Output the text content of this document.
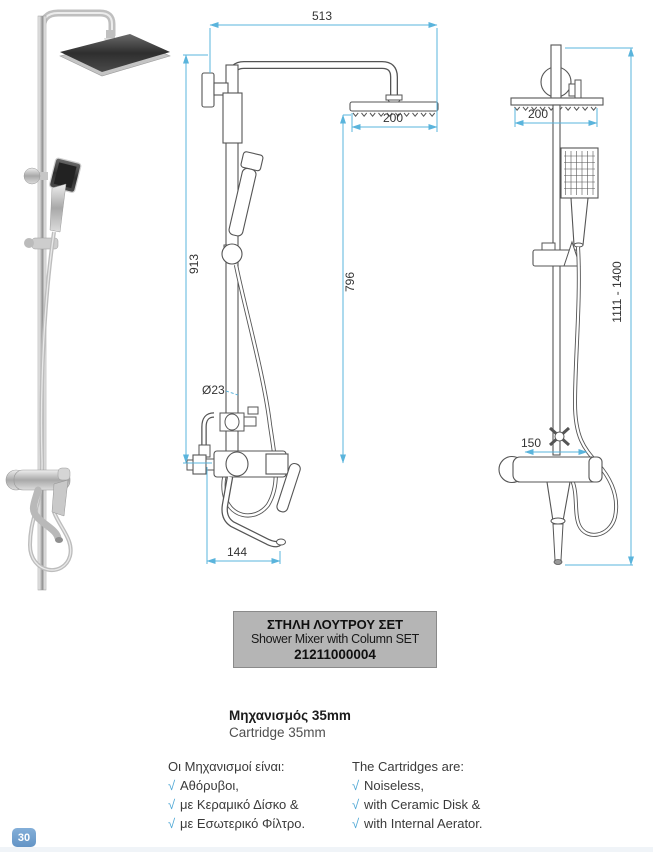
513
200
913
796
Ø23
144
200
150
1111 - 1400
ΣΤΗΛΗ ΛΟΥΤΡΟΥ ΣΕΤ
Shower Mixer with Column SET
21211000004
Μηχανισμός 35mm
Cartridge 35mm
Οι Μηχανισμοί είναι:
√ Αθόρυβοι,
√ με Κεραμικό Δίσκο &
√ με Εσωτερικό Φίλτρο.
The Cartridges are:
√ Noiseless,
√ with Ceramic Disk &
√ with Internal Aerator.
30
